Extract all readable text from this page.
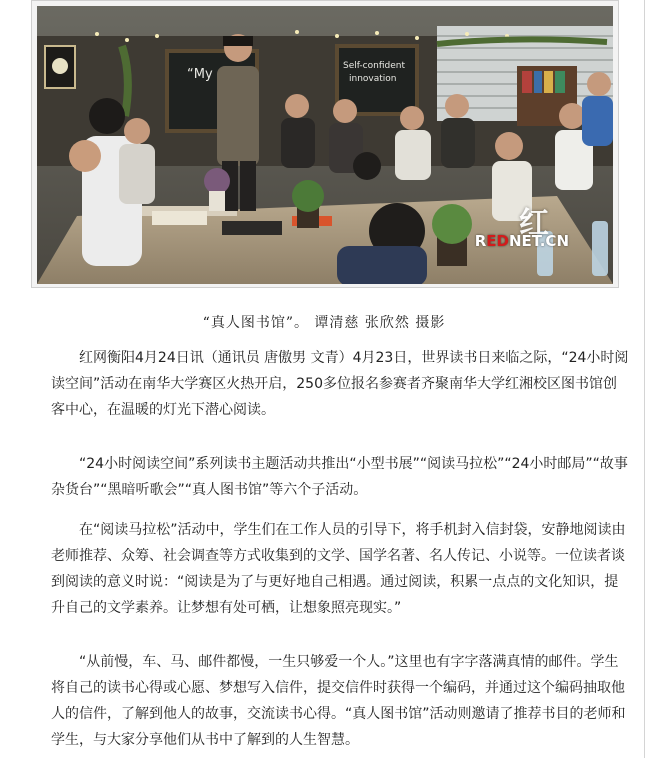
“My
Self-confident
innovation
红
REDNET.CN
“真人图书馆”。 谭清慈 张欣然 摄影

红网衡阳4月24日讯（通讯员 唐傲男 文青）4月23日，世界读书日来临之际，“24小时阅读空间”活动在南华大学赛区火热开启，250多位报名参赛者齐聚南华大学红湘校区图书馆创客中心，在温暖的灯光下潜心阅读。

“24小时阅读空间”系列读书主题活动共推出“小型书展”“阅读马拉松”“24小时邮局”“故事杂货台”“黑暗听歌会”“真人图书馆”等六个子活动。

在“阅读马拉松”活动中，学生们在工作人员的引导下，将手机封入信封袋，安静地阅读由老师推荐、众筹、社会调查等方式收集到的文学、国学名著、名人传记、小说等。一位读者谈到阅读的意义时说：“阅读是为了与更好地自己相遇。通过阅读，积累一点点的文化知识，提升自己的文学素养。让梦想有处可栖，让想象照亮现实。”

“从前慢，车、马、邮件都慢，一生只够爱一个人。”这里也有字字落满真情的邮件。学生将自己的读书心得或心愿、梦想写入信件，提交信件时获得一个编码，并通过这个编码抽取他人的信件，了解到他人的故事，交流读书心得。“真人图书馆”活动则邀请了推荐书目的老师和学生，与大家分享他们从书中了解到的人生智慧。
